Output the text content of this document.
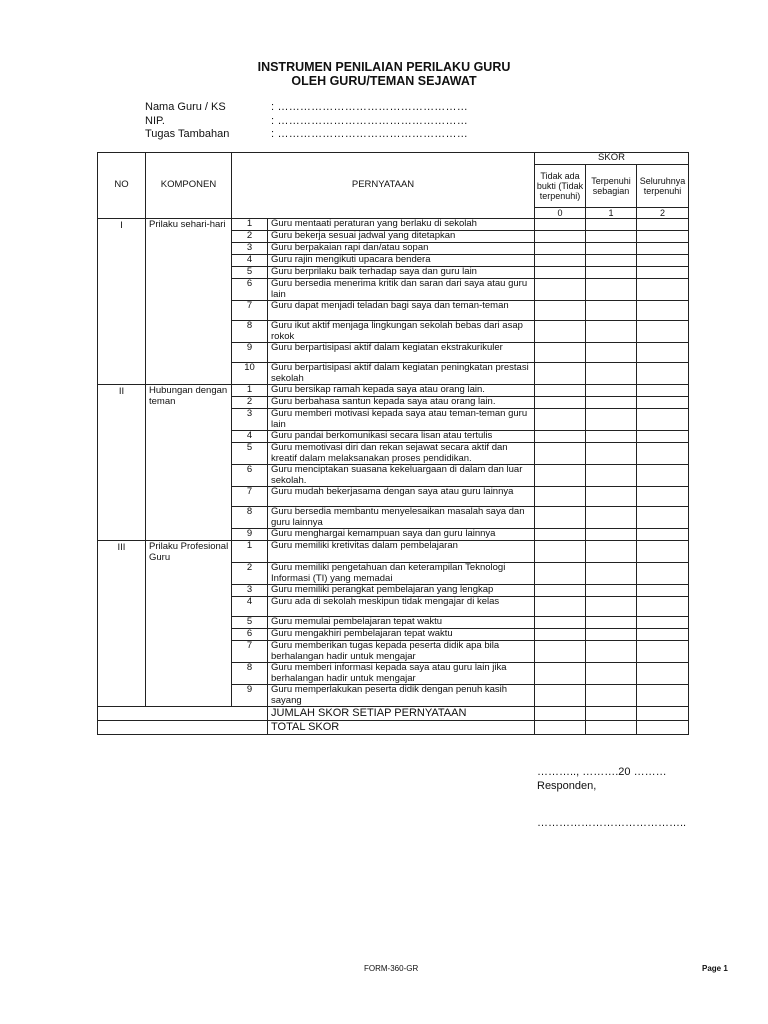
INSTRUMEN PENILAIAN PERILAKU GURU
OLEH GURU/TEMAN SEJAWAT
Nama Guru / KS	: ……………………………………………
NIP.	: ……………………………………………
Tugas Tambahan	: ……………………………………………
NO	KOMPONEN	PERNYATAAN		SKOR		
				Tidak ada bukti (Tidak terpenuhi)	Terpenuhi sebagian	Seluruhnya terpenuhi
				0	1	2
I	Prilaku sehari-hari	1	Guru mentaati peraturan yang berlaku di sekolah			
		2	Guru bekerja sesuai jadwal yang ditetapkan			
		3	Guru berpakaian rapi dan/atau sopan			
		4	Guru rajin mengikuti upacara bendera			
		5	Guru berprilaku baik terhadap saya dan guru lain			
		6	Guru bersedia menerima kritik dan saran dari saya atau guru lain			
		7	Guru dapat menjadi teladan bagi saya dan teman-teman			
		8	Guru ikut aktif menjaga lingkungan sekolah bebas dari asap rokok			
		9	Guru berpartisipasi aktif dalam kegiatan ekstrakurikuler			
		10	Guru berpartisipasi aktif dalam kegiatan peningkatan prestasi sekolah			
II	Hubungan dengan teman	1	Guru bersikap ramah kepada saya atau orang lain.			
		2	Guru berbahasa santun kepada saya atau orang lain.			
		3	Guru memberi motivasi kepada saya atau teman-teman guru lain			
		4	Guru pandai berkomunikasi secara lisan atau tertulis			
		5	Guru memotivasi diri dan rekan sejawat secara aktif dan kreatif dalam melaksanakan proses pendidikan.			
		6	Guru menciptakan suasana kekeluargaan di dalam dan luar sekolah.			
		7	Guru mudah bekerjasama dengan saya atau guru lainnya			
		8	Guru bersedia membantu menyelesaikan masalah saya dan guru lainnya			
		9	Guru menghargai kemampuan saya dan guru lainnya			
III	Prilaku Profesional Guru	1	Guru memiliki kretivitas dalam pembelajaran			
		2	Guru memiliki pengetahuan dan keterampilan Teknologi Informasi (TI) yang memadai			
		3	Guru memiliki perangkat pembelajaran yang lengkap			
		4	Guru ada di sekolah meskipun tidak mengajar di kelas			
		5	Guru memulai pembelajaran tepat waktu			
		6	Guru mengakhiri pembelajaran tepat waktu			
		7	Guru memberikan tugas kepada peserta didik apa bila berhalangan hadir untuk mengajar			
		8	Guru memberi informasi kepada saya atau guru lain jika berhalangan hadir untuk mengajar			
		9	Guru memperlakukan peserta didik dengan penuh kasih sayang			
			JUMLAH SKOR SETIAP PERNYATAAN			
			TOTAL SKOR			
……….., ……….20 ………
Responden,
…………………………………..
FORM-360-GR	Page 1
